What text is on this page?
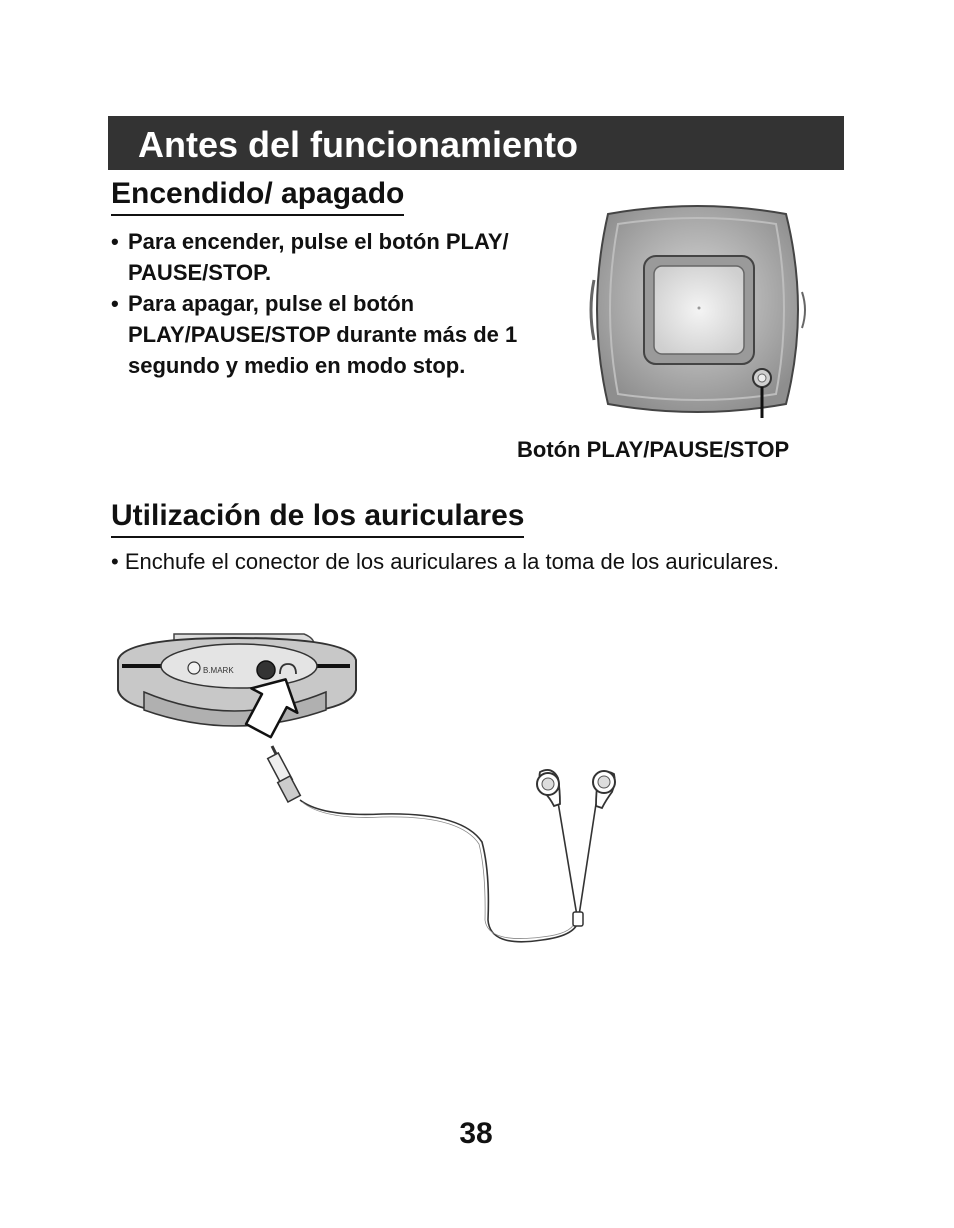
Antes del funcionamiento
Encendido/ apagado
• Para encender, pulse el botón PLAY/ PAUSE/STOP.
• Para apagar, pulse el botón PLAY/PAUSE/STOP durante más de 1 segundo y medio en modo stop.
Botón PLAY/PAUSE/STOP
Utilización de los auriculares
• Enchufe el conector de los auriculares a la toma de los auriculares.
B.MARK
38
